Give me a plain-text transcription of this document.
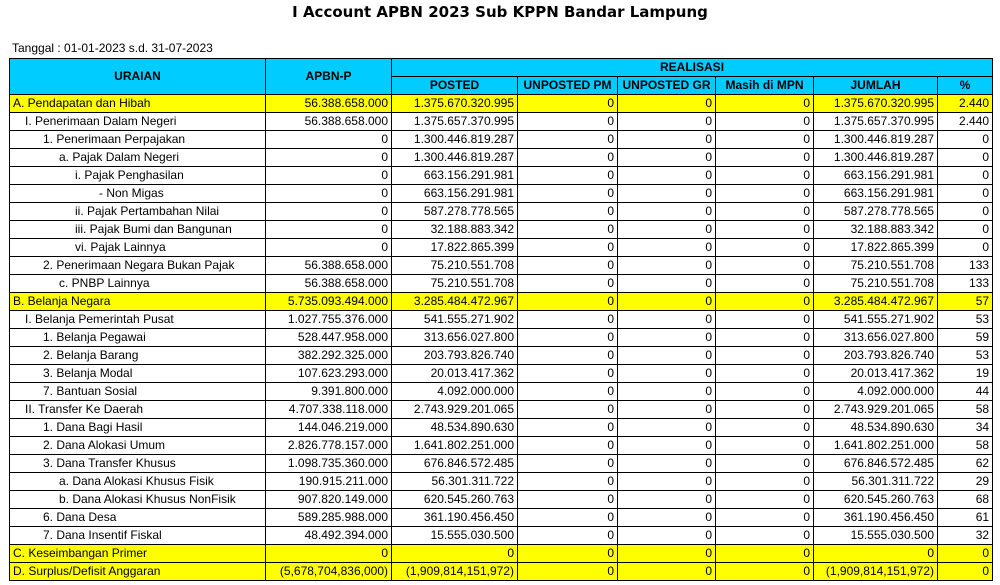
I Account APBN 2023 Sub KPPN Bandar Lampung
Tanggal : 01-01-2023 s.d. 31-07-2023
URAIAN	APBN-P	REALISASI					
		POSTED	UNPOSTED PM	UNPOSTED GR	Masih di MPN	JUMLAH	%
A. Pendapatan dan Hibah	56.388.658.000	1.375.670.320.995	0	0	0	1.375.670.320.995	2.440
I. Penerimaan Dalam Negeri	56.388.658.000	1.375.657.370.995	0	0	0	1.375.657.370.995	2.440
1. Penerimaan Perpajakan	0	1.300.446.819.287	0	0	0	1.300.446.819.287	0
a. Pajak Dalam Negeri	0	1.300.446.819.287	0	0	0	1.300.446.819.287	0
i. Pajak Penghasilan	0	663.156.291.981	0	0	0	663.156.291.981	0
- Non Migas	0	663.156.291.981	0	0	0	663.156.291.981	0
ii. Pajak Pertambahan Nilai	0	587.278.778.565	0	0	0	587.278.778.565	0
iii. Pajak Bumi dan Bangunan	0	32.188.883.342	0	0	0	32.188.883.342	0
vi. Pajak Lainnya	0	17.822.865.399	0	0	0	17.822.865.399	0
2. Penerimaan Negara Bukan Pajak	56.388.658.000	75.210.551.708	0	0	0	75.210.551.708	133
c. PNBP Lainnya	56.388.658.000	75.210.551.708	0	0	0	75.210.551.708	133
B. Belanja Negara	5.735.093.494.000	3.285.484.472.967	0	0	0	3.285.484.472.967	57
I. Belanja Pemerintah Pusat	1.027.755.376.000	541.555.271.902	0	0	0	541.555.271.902	53
1. Belanja Pegawai	528.447.958.000	313.656.027.800	0	0	0	313.656.027.800	59
2. Belanja Barang	382.292.325.000	203.793.826.740	0	0	0	203.793.826.740	53
3. Belanja Modal	107.623.293.000	20.013.417.362	0	0	0	20.013.417.362	19
7. Bantuan Sosial	9.391.800.000	4.092.000.000	0	0	0	4.092.000.000	44
II. Transfer Ke Daerah	4.707.338.118.000	2.743.929.201.065	0	0	0	2.743.929.201.065	58
1. Dana Bagi Hasil	144.046.219.000	48.534.890.630	0	0	0	48.534.890.630	34
2. Dana Alokasi Umum	2.826.778.157.000	1.641.802.251.000	0	0	0	1.641.802.251.000	58
3. Dana Transfer Khusus	1.098.735.360.000	676.846.572.485	0	0	0	676.846.572.485	62
a. Dana Alokasi Khusus Fisik	190.915.211.000	56.301.311.722	0	0	0	56.301.311.722	29
b. Dana Alokasi Khusus NonFisik	907.820.149.000	620.545.260.763	0	0	0	620.545.260.763	68
6. Dana Desa	589.285.988.000	361.190.456.450	0	0	0	361.190.456.450	61
7. Dana Insentif Fiskal	48.492.394.000	15.555.030.500	0	0	0	15.555.030.500	32
C. Keseimbangan Primer	0	0	0	0	0	0	0
D. Surplus/Defisit Anggaran	(5,678,704,836,000)	(1,909,814,151,972)	0	0	0	(1,909,814,151,972)	0
